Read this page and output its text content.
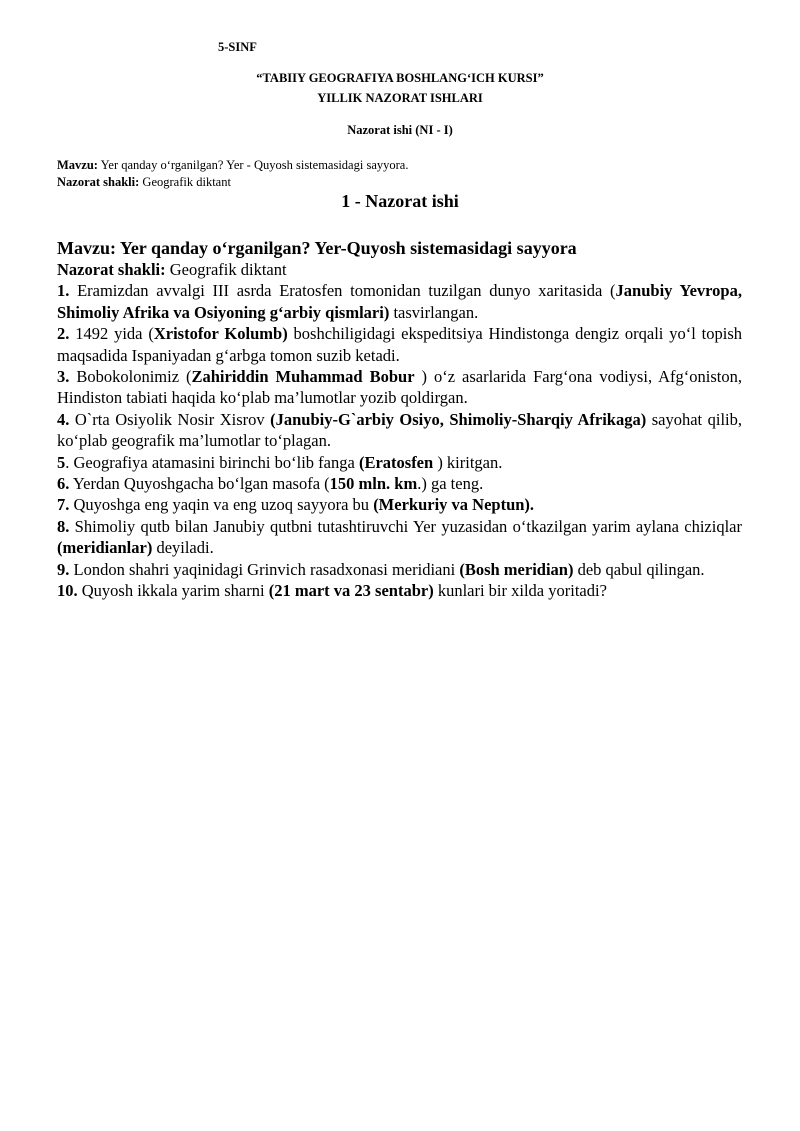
5-SINF
“TABIIY GEOGRAFIYA BOSHLANG‘ICH KURSI”
YILLIK NAZORAT ISHLARI
Nazorat ishi (NI - I)
Mavzu: Yer qanday o‘rganilgan? Yer - Quyosh sistemasidagi sayyora.
Nazorat shakli: Geografik diktant
1 - Nazorat ishi

Mavzu: Yer qanday o‘rganilgan? Yer-Quyosh sistemasidagi sayyora

Nazorat shakli: Geografik diktant

1. Eramizdan avvalgi III asrda Eratosfen tomonidan tuzilgan dunyo xaritasida (Janubiy Yevropa, Shimoliy Afrika va Osiyoning g‘arbiy qismlari) tasvirlangan.

2. 1492 yida (Xristofor Kolumb) boshchiligidagi ekspeditsiya Hindistonga dengiz orqali yo‘l topish maqsadida Ispaniyadan g‘arbga tomon suzib ketadi.

3. Bobokolonimiz (Zahiriddin Muhammad Bobur ) o‘z asarlarida Farg‘ona vodiysi, Afg‘oniston, Hindiston tabiati haqida ko‘plab ma’lumotlar yozib qoldirgan.

4. O`rta Osiyolik Nosir Xisrov (Janubiy-G`arbiy Osiyo, Shimoliy-Sharqiy Afrikaga) sayohat qilib, ko‘plab geografik ma’lumotlar to‘plagan.

5. Geografiya atamasini birinchi bo‘lib fanga (Eratosfen ) kiritgan.

6. Yerdan Quyoshgacha bo‘lgan masofa (150 mln. km.) ga teng.

7. Quyoshga eng yaqin va eng uzoq sayyora bu (Merkuriy va Neptun).

8. Shimoliy qutb bilan Janubiy qutbni tutashtiruvchi Yer yuzasidan o‘tkazilgan yarim aylana chiziqlar (meridianlar) deyiladi.

9. London shahri yaqinidagi Grinvich rasadxonasi meridiani (Bosh meridian) deb qabul qilingan.

10. Quyosh ikkala yarim sharni (21 mart va 23 sentabr) kunlari bir xilda yoritadi?
